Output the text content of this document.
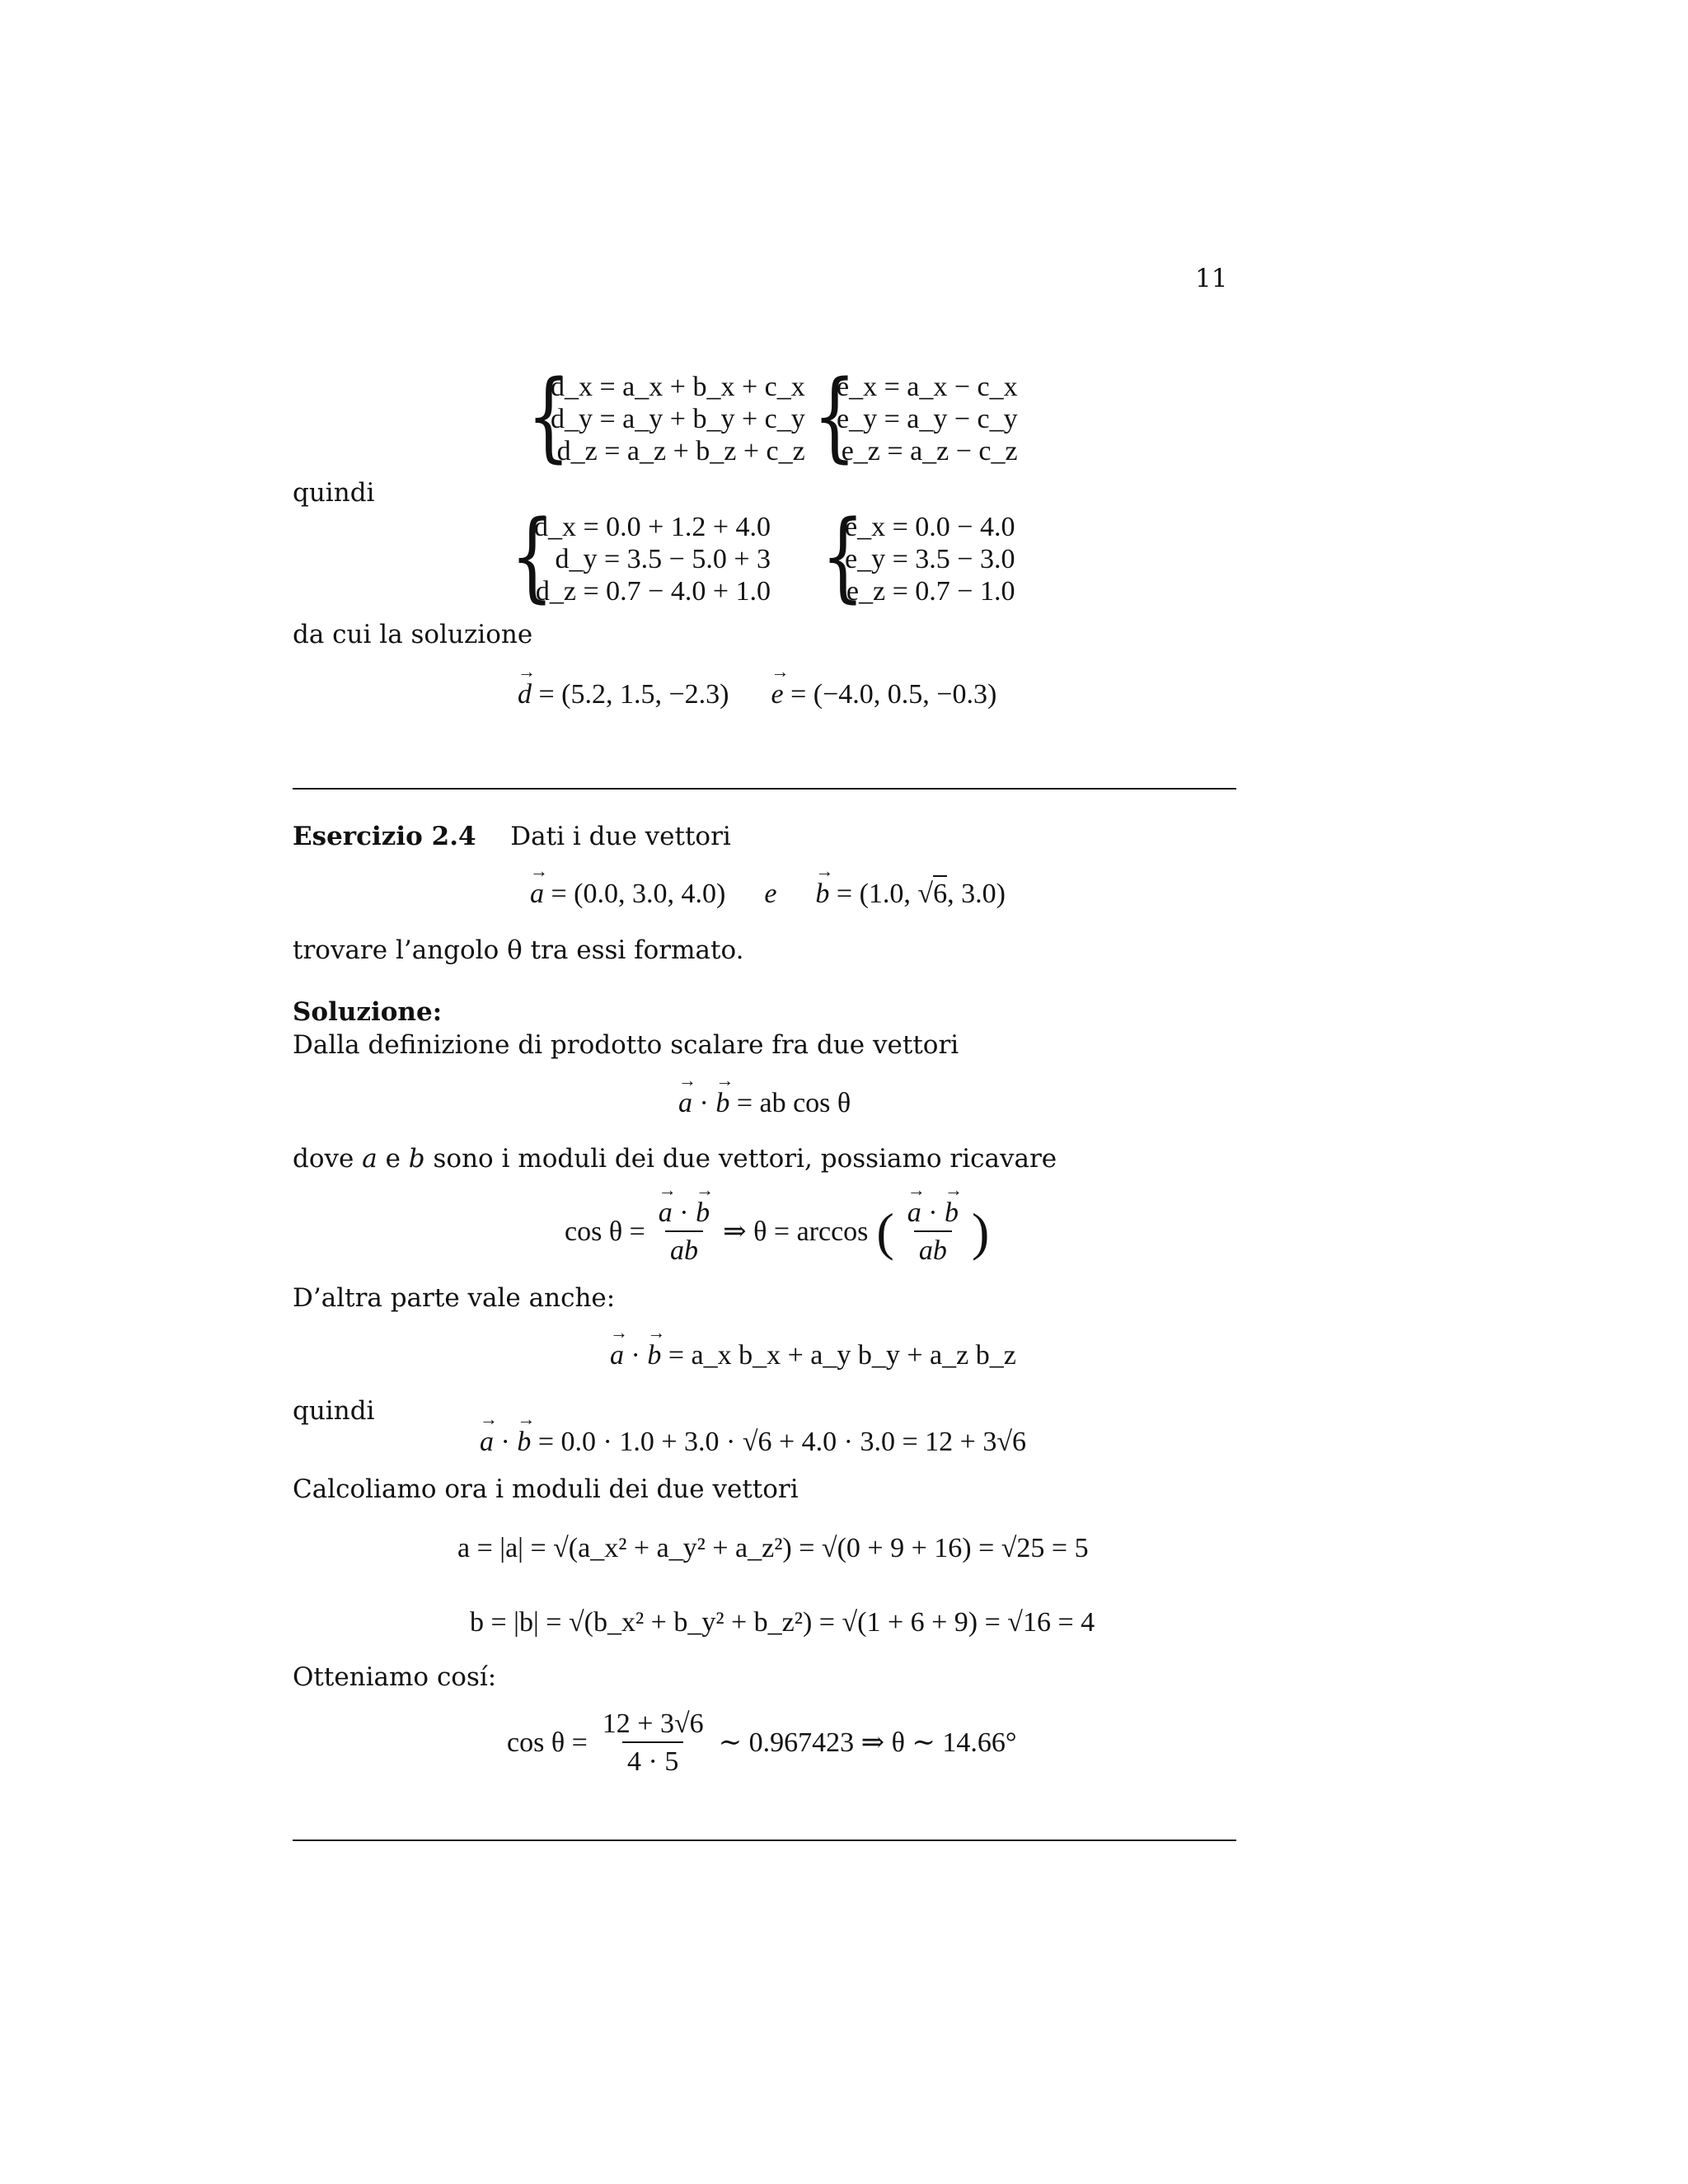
11
{
d_x = a_x + b_x + c_x
d_y = a_y + b_y + c_y
d_z = a_z + b_z + c_z {
e_x = a_x − c_x
e_y = a_y − c_y
e_z = a_z − c_z
quindi
{
d_x = 0.0 + 1.2 + 4.0
d_y = 3.5 − 5.0 + 3
d_z = 0.7 − 4.0 + 1.0 {
e_x = 0.0 − 4.0
e_y = 3.5 − 3.0
e_z = 0.7 − 1.0
da cui la soluzione
d → = (5.2, 1.5, −2.3) e → = (−4.0, 0.5, −0.3)
Esercizio 2.4 Dati i due vettori
a → = (0.0, 3.0, 4.0) e b → = (1.0, √6, 3.0)
trovare l’angolo θ tra essi formato.
Soluzione:
Dalla definizione di prodotto scalare fra due vettori
a → · b → = ab cos θ
dove a e b sono i moduli dei due vettori, possiamo ricavare
$\cos \theta = \frac{a \to \cdot b \to}{ab}$ ⇒ θ = arccos ( $\frac{a \to \cdot b \to}{ab}$ )
D’altra parte vale anche:
a → · b → = a_x b_x + a_y b_y + a_z b_z
quindi
a → · b → = 0.0 · 1.0 + 3.0 · √6 + 4.0 · 3.0 = 12 + 3√6
Calcoliamo ora i moduli dei due vettori
a = |a| = √(a_x² + a_y² + a_z²) = √(0 + 9 + 16) = √25 = 5
b = |b| = √(b_x² + b_y² + b_z²) = √(1 + 6 + 9) = √16 = 4
Otteniamo cosí:
$\cos \theta = \frac{12 + 3√6}{4 \cdot 5}$ ∼ 0.967423 ⇒ θ ∼ 14.66°
